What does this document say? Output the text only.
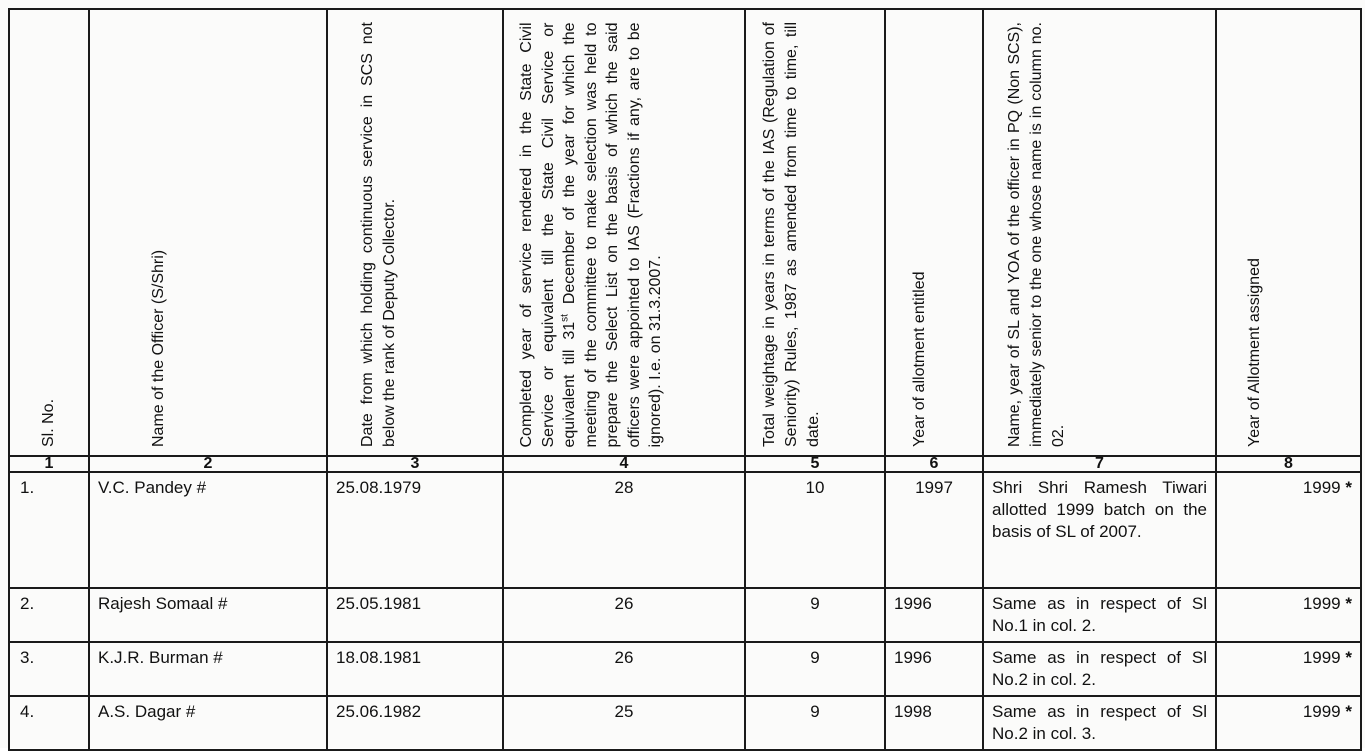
Sl. No.	Name of the Officer (S/Shri)	Date from which holding continuous service in SCS not below the rank of Deputy Collector.	Completed year of service rendered in the State Civil Service or equivalent till the State Civil Service or equivalent till 31st December of the year for which the meeting of the committee to make selection was held to prepare the Select List on the basis of which the said officers were appointed to IAS (Fractions if any, are to be ignored). I.e. on 31.3.2007.	Total weightage in years in terms of the IAS (Regulation of Seniority) Rules, 1987 as amended from time to time, till date.	Year of allotment entitled	Name, year of SL and YOA of the officer in PQ (Non SCS), immediately senior to the one whose name is in column no. 02.	Year of Allotment assigned

1	2	3	4	5	6	7	8
1.	V.C. Pandey #	25.08.1979	28	10	1997	Shri Shri Ramesh Tiwari allotted 1999 batch on the basis of SL of 2007.	1999 *
2.	Rajesh Somaal #	25.05.1981	26	9	1996	Same as in respect of Sl No.1 in col. 2.	1999 *
3.	K.J.R. Burman #	18.08.1981	26	9	1996	Same as in respect of Sl No.2 in col. 2.	1999 *
4.	A.S. Dagar #	25.06.1982	25	9	1998	Same as in respect of Sl No.2 in col. 3.	1999 *
